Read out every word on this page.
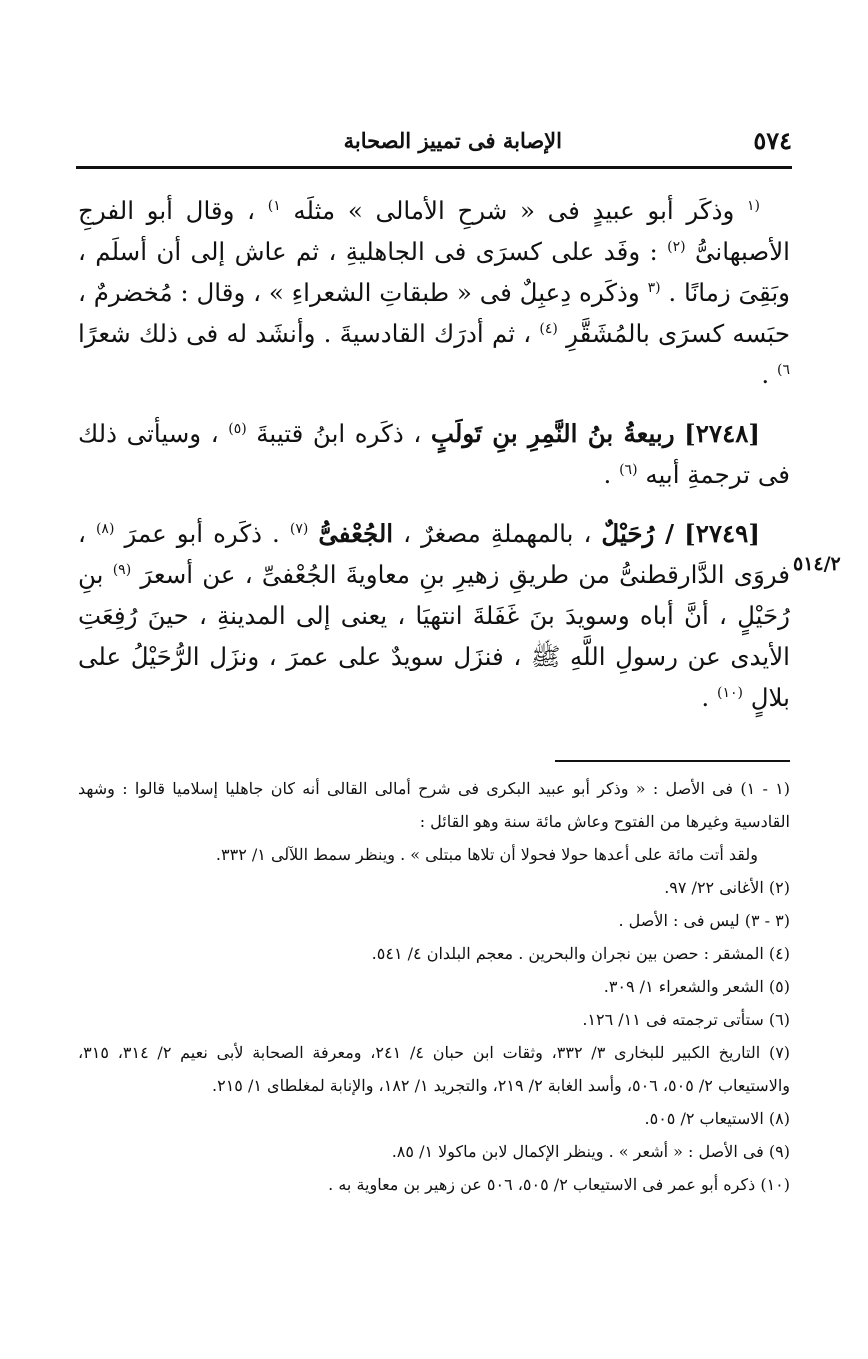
٥٧٤
الإصابة فى تمييز الصحابة
٥١٤/٢

$^{(١}$ وذكَر أبو عبيدٍ فى « شرحِ الأمالى » مثلَه $^{١)}$ ، وقال أبو الفرجِ الأصبهانىُّ $^{(٢)}$ : وفَد على كسرَى فى الجاهليةِ ، ثم عاش إلى أن أسلَم ، وبَقِىَ زمانًا . $^{(٣}$ وذكَره دِعبِلٌ فى « طبقاتِ الشعراءِ » ، وقال : مُخضرمٌ ، حبَسه كسرَى بالمُشَقَّرِ $^{(٤)}$ ، ثم أدرَك القادسيةَ . وأنشَد له فى ذلك شعرًا $^{٦)}$ .

[٢٧٤٨] ربيعةُ بنُ النَّمِرِ بنِ تَولَبٍ ، ذكَره ابنُ قتيبةَ $^{(٥)}$ ، وسيأتى ذلك فى ترجمةِ أبيه $^{(٦)}$ .

[٢٧٤٩] / رُحَيْلٌ ، بالمهملةِ مصغرٌ ، الجُعْفىُّ $^{(٧)}$ . ذكَره أبو عمرَ $^{(٨)}$ ، فروَى الدَّارقطنىُّ من طريقِ زهيرِ بنِ معاويةَ الجُعْفىِّ ، عن أسعرَ $^{(٩)}$ بنِ رُحَيْلٍ ، أنَّ أباه وسويدَ بنَ غَفَلةَ انتهيَا ، يعنى إلى المدينةِ ، حينَ رُفِعَتِ الأيدى عن رسولِ اللَّهِ ﷺ ، فنزَل سويدٌ على عمرَ ، ونزَل الرُّحَيْلُ على بلالٍ $^{(١٠)}$ .

(١ - ١) فى الأصل : « وذكر أبو عبيد البكرى فى شرح أمالى القالى أنه كان جاهليا إسلاميا قالوا : وشهد القادسية وغيرها من الفتوح وعاش مائة سنة وهو القائل :

ولقد أتت مائة على أعدها حولا فحولا أن تلاها مبتلى » . وينظر سمط اللآلى ١/ ٣٣٢.

(٢) الأغانى ٢٢/ ٩٧.

(٣ - ٣) ليس فى : الأصل .

(٤) المشقر : حصن بين نجران والبحرين . معجم البلدان ٤/ ٥٤١.

(٥) الشعر والشعراء ١/ ٣٠٩.

(٦) ستأتى ترجمته فى ١١/ ١٢٦.

(٧) التاريخ الكبير للبخارى ٣/ ٣٣٢، وثقات ابن حبان ٤/ ٢٤١، ومعرفة الصحابة لأبى نعيم ٢/ ٣١٤، ٣١٥، والاستيعاب ٢/ ٥٠٥، ٥٠٦، وأسد الغابة ٢/ ٢١٩، والتجريد ١/ ١٨٢، والإنابة لمغلطاى ١/ ٢١٥.

(٨) الاستيعاب ٢/ ٥٠٥.

(٩) فى الأصل : « أشعر » . وينظر الإكمال لابن ماكولا ١/ ٨٥.

(١٠) ذكره أبو عمر فى الاستيعاب ٢/ ٥٠٥، ٥٠٦ عن زهير بن معاوية به .
